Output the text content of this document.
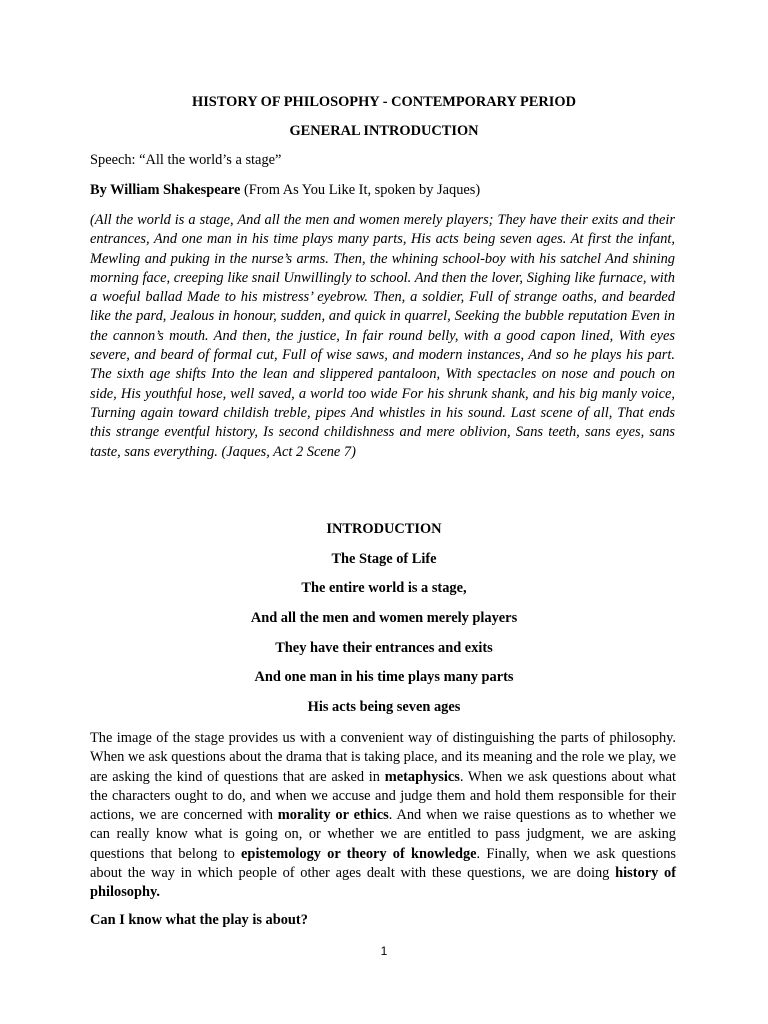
HISTORY OF PHILOSOPHY - CONTEMPORARY PERIOD

GENERAL INTRODUCTION

Speech: “All the world’s a stage”

By William Shakespeare (From As You Like It, spoken by Jaques)

(All the world is a stage, And all the men and women merely players; They have their exits and their entrances, And one man in his time plays many parts, His acts being seven ages. At first the infant, Mewling and puking in the nurse’s arms. Then, the whining school-boy with his satchel And shining morning face, creeping like snail Unwillingly to school. And then the lover, Sighing like furnace, with a woeful ballad Made to his mistress’ eyebrow. Then, a soldier, Full of strange oaths, and bearded like the pard, Jealous in honour, sudden, and quick in quarrel, Seeking the bubble reputation Even in the cannon’s mouth. And then, the justice, In fair round belly, with a good capon lined, With eyes severe, and beard of formal cut, Full of wise saws, and modern instances, And so he plays his part. The sixth age shifts Into the lean and slippered pantaloon, With spectacles on nose and pouch on side, His youthful hose, well saved, a world too wide For his shrunk shank, and his big manly voice, Turning again toward childish treble, pipes And whistles in his sound. Last scene of all, That ends this strange eventful history, Is second childishness and mere oblivion, Sans teeth, sans eyes, sans taste, sans everything. (Jaques, Act 2 Scene 7)

INTRODUCTION

The Stage of Life

The entire world is a stage,

And all the men and women merely players

They have their entrances and exits

And one man in his time plays many parts

His acts being seven ages

The image of the stage provides us with a convenient way of distinguishing the parts of philosophy. When we ask questions about the drama that is taking place, and its meaning and the role we play, we are asking the kind of questions that are asked in metaphysics. When we ask questions about what the characters ought to do, and when we accuse and judge them and hold them responsible for their actions, we are concerned with morality or ethics. And when we raise questions as to whether we can really know what is going on, or whether we are entitled to pass judgment, we are asking questions that belong to epistemology or theory of knowledge. Finally, when we ask questions about the way in which people of other ages dealt with these questions, we are doing history of philosophy.

Can I know what the play is about?

1
